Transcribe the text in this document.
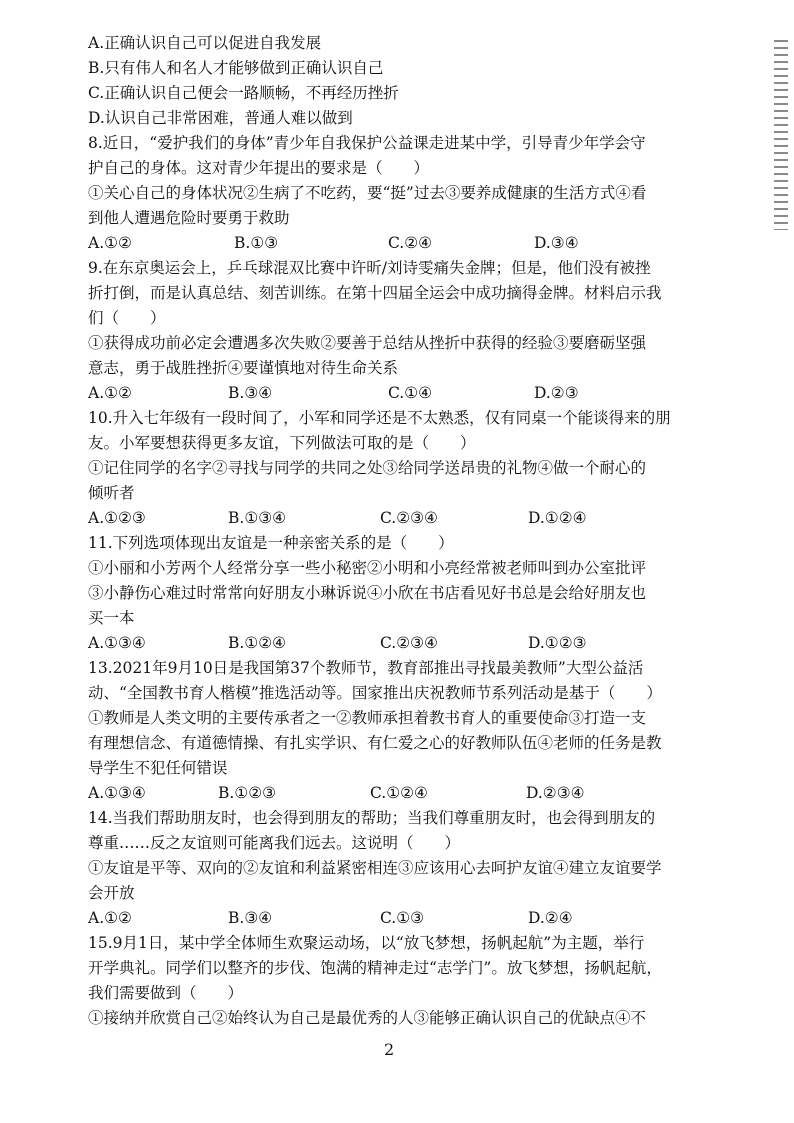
A.正确认识自己可以促进自我发展
B.只有伟人和名人才能够做到正确认识自己
C.正确认识自己便会一路顺畅，不再经历挫折
D.认识自己非常困难，普通人难以做到
8.近日，“爱护我们的身体”青少年自我保护公益课走进某中学，引导青少年学会守
护自己的身体。这对青少年提出的要求是（　　）
①关心自己的身体状况②生病了不吃药，要“挺”过去③要养成健康的生活方式④看
到他人遭遇危险时要勇于救助
A.①②	B.①③	C.②④	D.③④
9.在东京奥运会上，乒乓球混双比赛中许昕/刘诗雯痛失金牌；但是，他们没有被挫
折打倒，而是认真总结、刻苦训练。在第十四届全运会中成功摘得金牌。材料启示我
们（　　）
①获得成功前必定会遭遇多次失败②要善于总结从挫折中获得的经验③要磨砺坚强
意志，勇于战胜挫折④要谨慎地对待生命关系
A.①②	B.③④	C.①④	D.②③
10.升入七年级有一段时间了，小军和同学还是不太熟悉，仅有同桌一个能谈得来的朋
友。小军要想获得更多友谊，下列做法可取的是（　　）
①记住同学的名字②寻找与同学的共同之处③给同学送昂贵的礼物④做一个耐心的
倾听者
A.①②③	B.①③④	C.②③④	D.①②④
11.下列选项体现出友谊是一种亲密关系的是（　　）
①小丽和小芳两个人经常分享一些小秘密②小明和小亮经常被老师叫到办公室批评
③小静伤心难过时常常向好朋友小琳诉说④小欣在书店看见好书总是会给好朋友也
买一本
A.①③④	B.①②④	C.②③④	D.①②③
13.2021年9月10日是我国第37个教师节，教育部推出寻找最美教师”大型公益活
动、“全国教书育人楷模”推选活动等。国家推出庆祝教师节系列活动是基于（　　）
①教师是人类文明的主要传承者之一②教师承担着教书育人的重要使命③打造一支
有理想信念、有道德情操、有扎实学识、有仁爱之心的好教师队伍④老师的任务是教
导学生不犯任何错误
A.①③④	B.①②③	C.①②④	D.②③④
14.当我们帮助朋友时，也会得到朋友的帮助；当我们尊重朋友时，也会得到朋友的
尊重……反之友谊则可能离我们远去。这说明（　　）
①友谊是平等、双向的②友谊和利益紧密相连③应该用心去呵护友谊④建立友谊要学
会开放
A.①②	B.③④	C.①③	D.②④
15.9月1日，某中学全体师生欢聚运动场，以“放飞梦想，扬帆起航”为主题，举行
开学典礼。同学们以整齐的步伐、饱满的精神走过“志学门”。放飞梦想，扬帆起航，
我们需要做到（　　）
①接纳并欣赏自己②始终认为自己是最优秀的人③能够正确认识自己的优缺点④不
2
